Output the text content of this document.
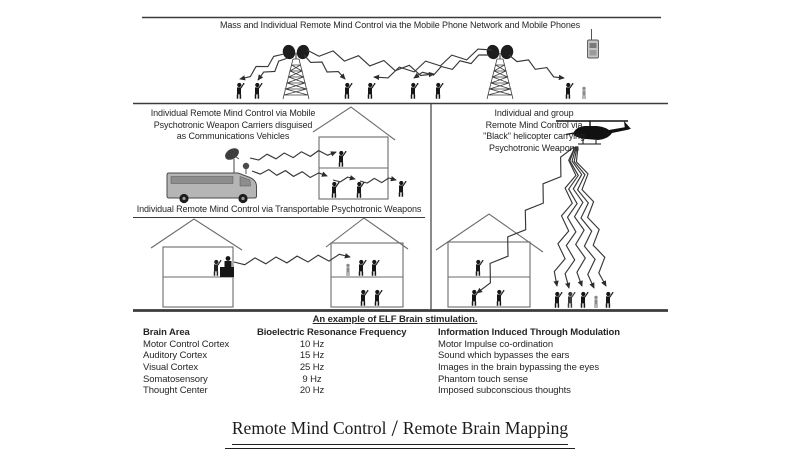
Mass and Individual Remote Mind Control via the Mobile Phone Network and Mobile Phones
Individual Remote Mind Control via Mobile
Psychotronic Weapon Carriers disguised
as Communications Vehicles
Individual and group
Remote Mind Control via
"Black" helicopter carrying
Psychotronic Weapons
Individual Remote Mind Control via Transportable Psychotronic Weapons
An example of ELF Brain stimulation.
Brain Area
Motor Control Cortex
Auditory Cortex
Visual Cortex
Somatosensory
Thought Center
Bioelectric Resonance Frequency
10 Hz
15 Hz
25 Hz
9 Hz
20 Hz
Information Induced Through Modulation
Motor Impulse co-ordination
Sound which bypasses the ears
Images in the brain bypassing the eyes
Phantom touch sense
Imposed subconscious thoughts
Remote Mind Control / Remote Brain Mapping
